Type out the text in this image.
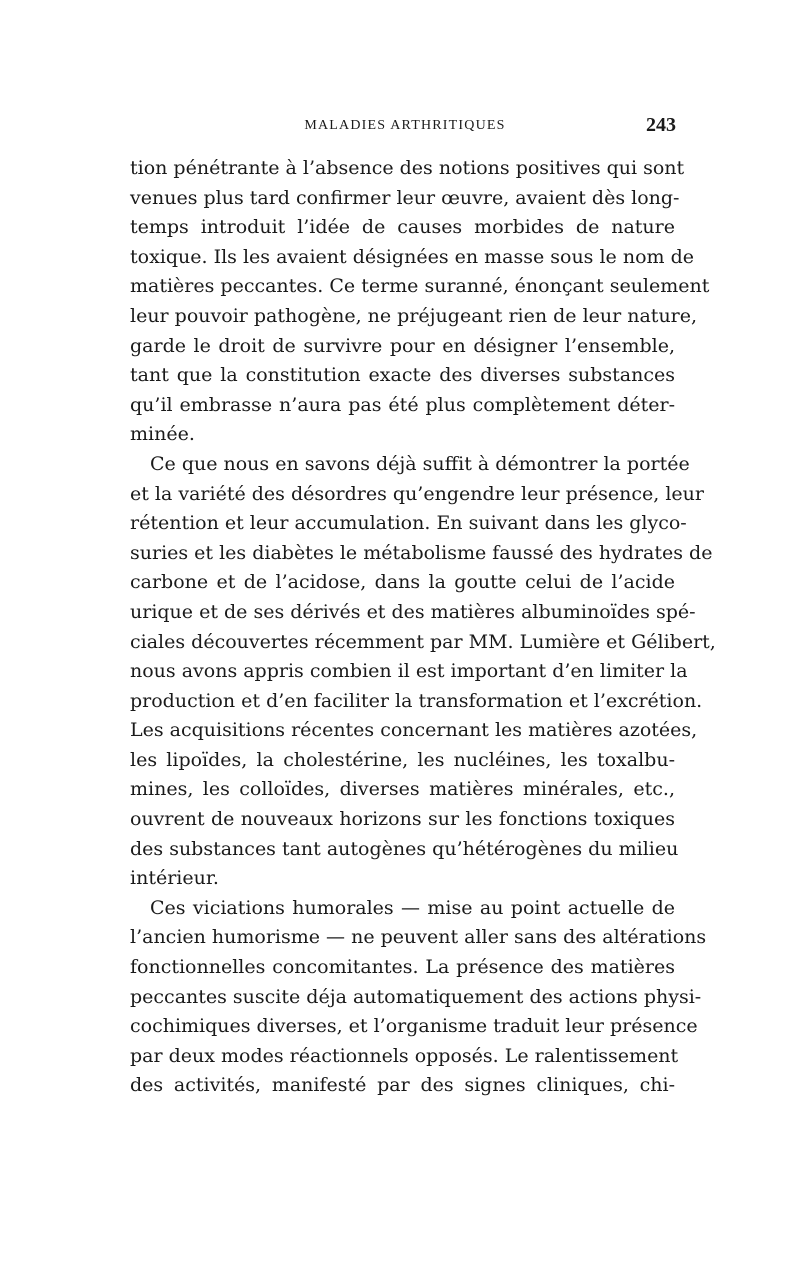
MALADIES ARTHRITIQUES	243
tion pénétrante à l’absence des notions positives qui sont
venues plus tard confirmer leur œuvre, avaient dès long-
temps introduit l’idée de causes morbides de nature
toxique. Ils les avaient désignées en masse sous le nom de
matières peccantes. Ce terme suranné, énonçant seulement
leur pouvoir pathogène, ne préjugeant rien de leur nature,
garde le droit de survivre pour en désigner l’ensemble,
tant que la constitution exacte des diverses substances
qu’il embrasse n’aura pas été plus complètement déter-
minée.
Ce que nous en savons déjà suffit à démontrer la portée
et la variété des désordres qu’engendre leur présence, leur
rétention et leur accumulation. En suivant dans les glyco-
suries et les diabètes le métabolisme faussé des hydrates de
carbone et de l’acidose, dans la goutte celui de l’acide
urique et de ses dérivés et des matières albuminoïdes spé-
ciales découvertes récemment par MM. Lumière et Gélibert,
nous avons appris combien il est important d’en limiter la
production et d’en faciliter la transformation et l’excrétion.
Les acquisitions récentes concernant les matières azotées,
les lipoïdes, la cholestérine, les nucléines, les toxalbu-
mines, les colloïdes, diverses matières minérales, etc.,
ouvrent de nouveaux horizons sur les fonctions toxiques
des substances tant autogènes qu’hétérogènes du milieu
intérieur.
Ces viciations humorales — mise au point actuelle de
l’ancien humorisme — ne peuvent aller sans des altérations
fonctionnelles concomitantes. La présence des matières
peccantes suscite déja automatiquement des actions physi-
cochimiques diverses, et l’organisme traduit leur présence
par deux modes réactionnels opposés. Le ralentissement
des activités, manifesté par des signes cliniques, chi-
